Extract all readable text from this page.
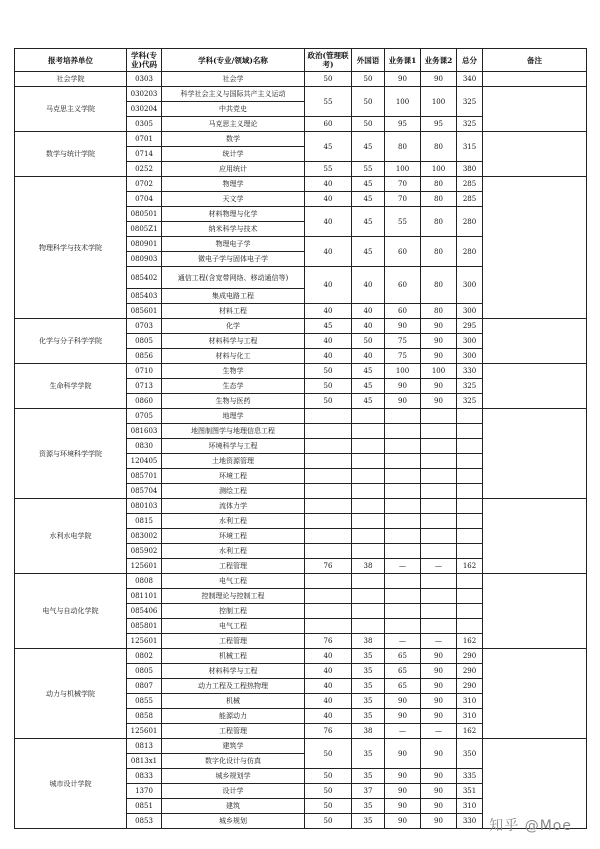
报考培养单位	学科(专业)代码	学科(专业/领域)名称	政治(管理联考)	外国语	业务课1	业务课2	总分	备注
社会学院	0303	社会学	50	50	90	90	340	
马克思主义学院	030203	科学社会主义与国际共产主义运动	55	50	100	100	325	
	030204	中共党史						
	0305	马克思主义理论	60	50	95	95	325	
数学与统计学院	0701	数学	45	45	80	80	315	
	0714	统计学						
	0252	应用统计	55	55	100	100	380	
物理科学与技术学院	0702	物理学	40	45	70	80	285	
	0704	天文学	40	45	70	80	285	
	080501	材料物理与化学	40	45	55	80	280	
	0805Z1	纳米科学与技术						
	080901	物理电子学	40	45	60	80	280	
	080903	微电子学与固体电子学						
	085402	通信工程(含宽带网络、移动通信等)	40	40	60	80	300	
	085403	集成电路工程						
	085601	材料工程	40	40	60	80	300	
化学与分子科学学院	0703	化学	45	40	90	90	295	
	0805	材料科学与工程	40	50	75	90	300	
	0856	材料与化工	40	40	75	90	300	
生命科学学院	0710	生物学	50	45	100	100	330	
	0713	生态学	50	45	90	90	325	
	0860	生物与医药	50	45	90	90	325	
资源与环境科学学院	0705	地理学						
	081603	地图制图学与地理信息工程						
	0830	环境科学与工程						
	120405	土地资源管理						
	085701	环境工程						
	085704	测绘工程						
水利水电学院	080103	流体力学						
	0815	水利工程						
	083002	环境工程						
	085902	水利工程						
	125601	工程管理	76	38	—	—	162	
电气与自动化学院	0808	电气工程						
	081101	控制理论与控制工程						
	085406	控制工程						
	085801	电气工程						
	125601	工程管理	76	38	—	—	162	
动力与机械学院	0802	机械工程	40	35	65	90	290	
	0805	材料科学与工程	40	35	65	90	290	
	0807	动力工程及工程热物理	40	35	65	90	290	
	0855	机械	40	35	90	90	310	
	0858	能源动力	40	35	90	90	310	
	125601	工程管理	76	38	—	—	162	
城市设计学院	0813	建筑学	50	35	90	90	350	
	0813x1	数字化设计与仿真						
	0833	城乡规划学	50	35	90	90	335	
	1370	设计学	50	37	90	90	351	
	0851	建筑	50	35	90	90	310	
	0853	城乡规划	50	35	90	90	330	知乎 @Moe
